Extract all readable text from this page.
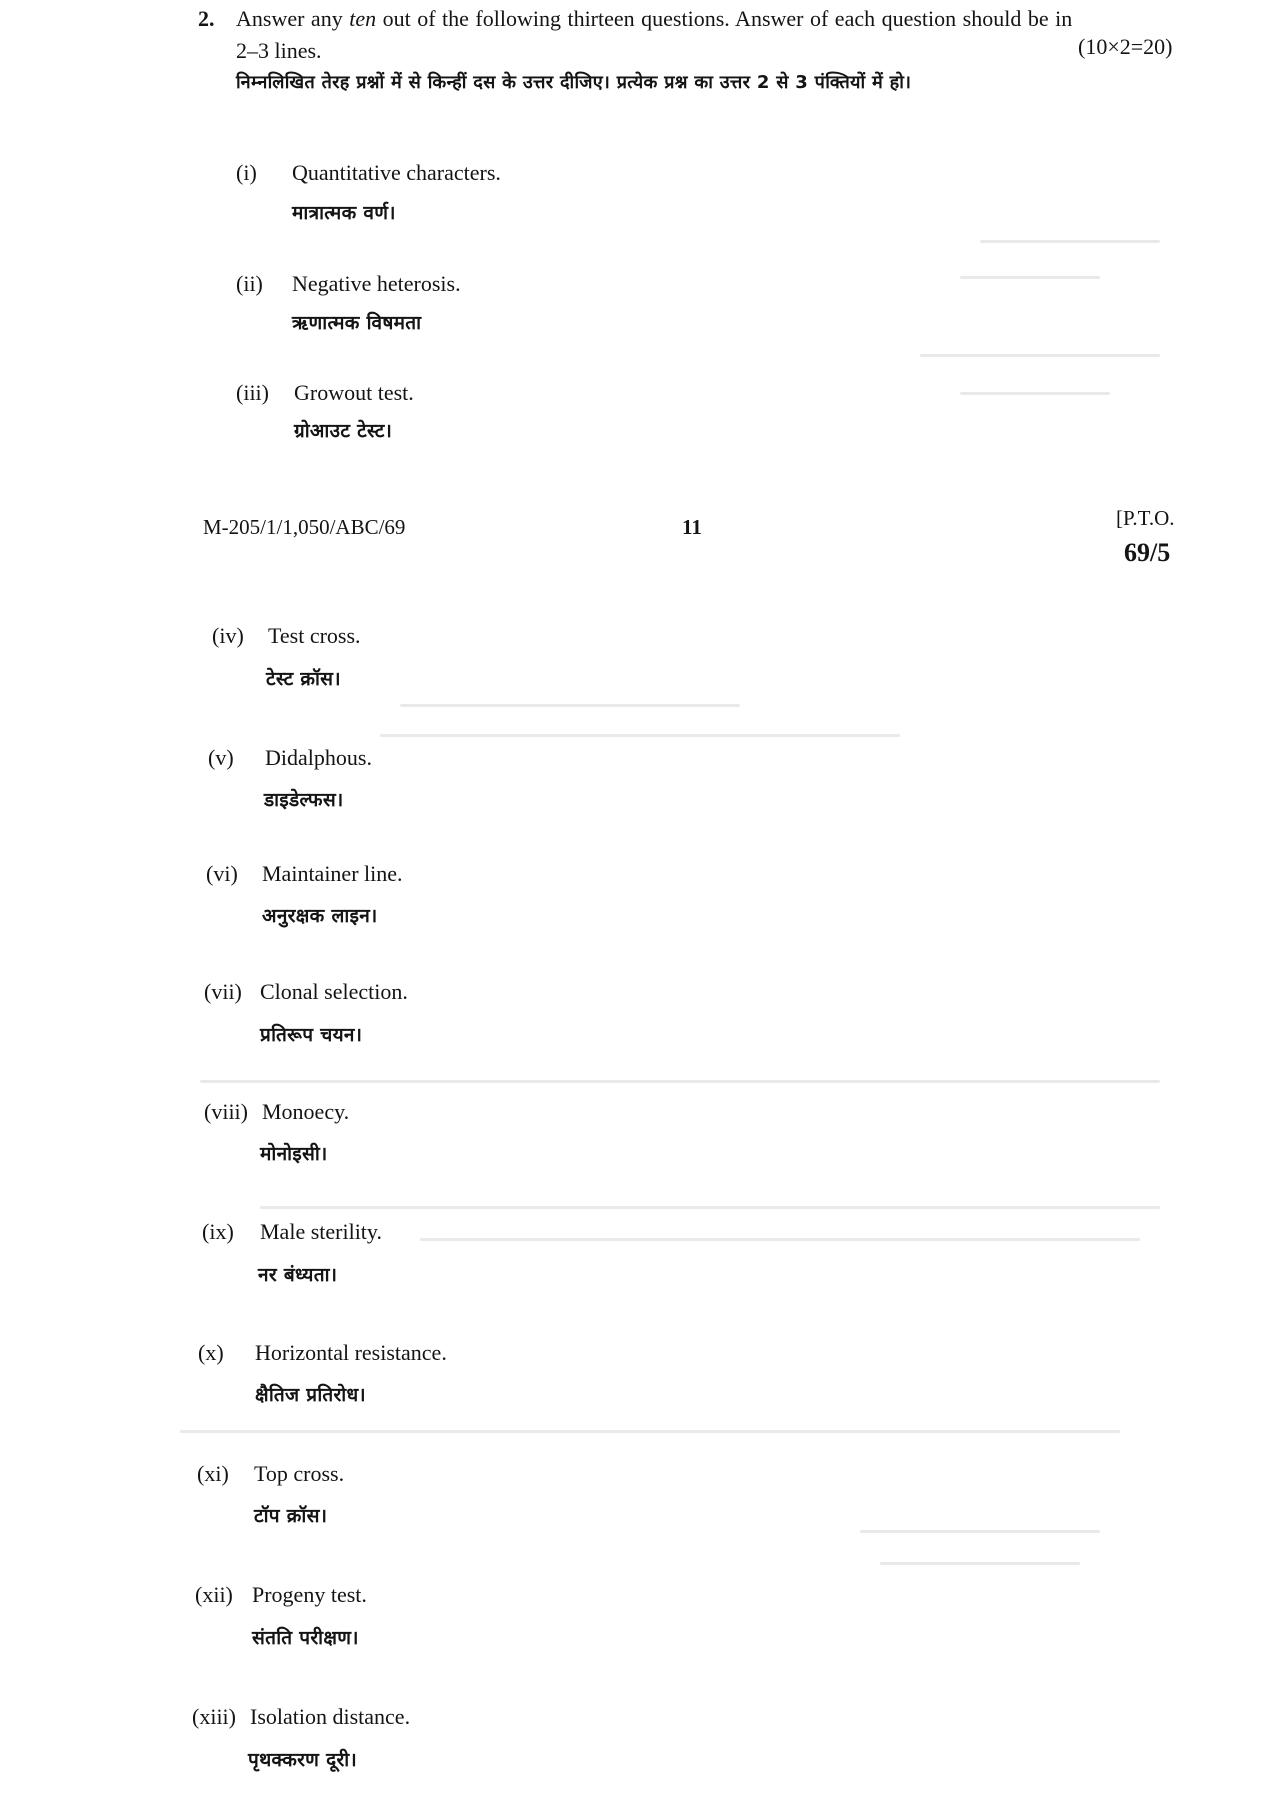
2. Answer any ten out of the following thirteen questions. Answer of each question should be in
2–3 lines.	(10×2=20)
निम्नलिखित तेरह प्रश्नों में से किन्हीं दस के उत्तर दीजिए। प्रत्येक प्रश्न का उत्तर 2 से 3 पंक्तियों में हो।
(i) Quantitative characters.
मात्रात्मक वर्ण।
(ii) Negative heterosis.
ऋणात्मक विषमता
(iii) Growout test.
ग्रोआउट टेस्ट।
M-205/1/1,050/ABC/69	11	[P.T.O.
69/5
(iv) Test cross.
टेस्ट क्रॉस।
(v) Didalphous.
डाइडेल्फस।
(vi) Maintainer line.
अनुरक्षक लाइन।
(vii) Clonal selection.
प्रतिरूप चयन।
(viii) Monoecy.
मोनोइसी।
(ix) Male sterility.
नर बंध्यता।
(x) Horizontal resistance.
क्षैतिज प्रतिरोध।
(xi) Top cross.
टॉप क्रॉस।
(xii) Progeny test.
संतति परीक्षण।
(xiii) Isolation distance.
पृथक्करण दूरी।
